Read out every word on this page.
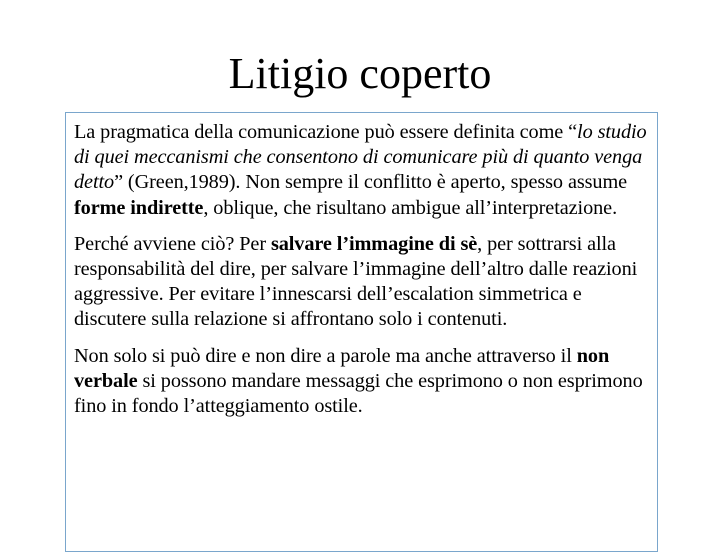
Litigio coperto

La pragmatica della comunicazione può essere definita come “lo studio di quei meccanismi che consentono di comunicare più di quanto venga detto” (Green,1989). Non sempre il conflitto è aperto, spesso assume forme indirette, oblique, che risultano ambigue all’interpretazione.

Perché avviene ciò? Per salvare l’immagine di sè, per sottrarsi alla responsabilità del dire, per salvare l’immagine dell’altro dalle reazioni aggressive. Per evitare l’innescarsi dell’escalation simmetrica e discutere sulla relazione si affrontano solo i contenuti.

Non solo si può dire e non dire a parole ma anche attraverso il non verbale si possono mandare messaggi che esprimono o non esprimono fino in fondo l’atteggiamento ostile.
